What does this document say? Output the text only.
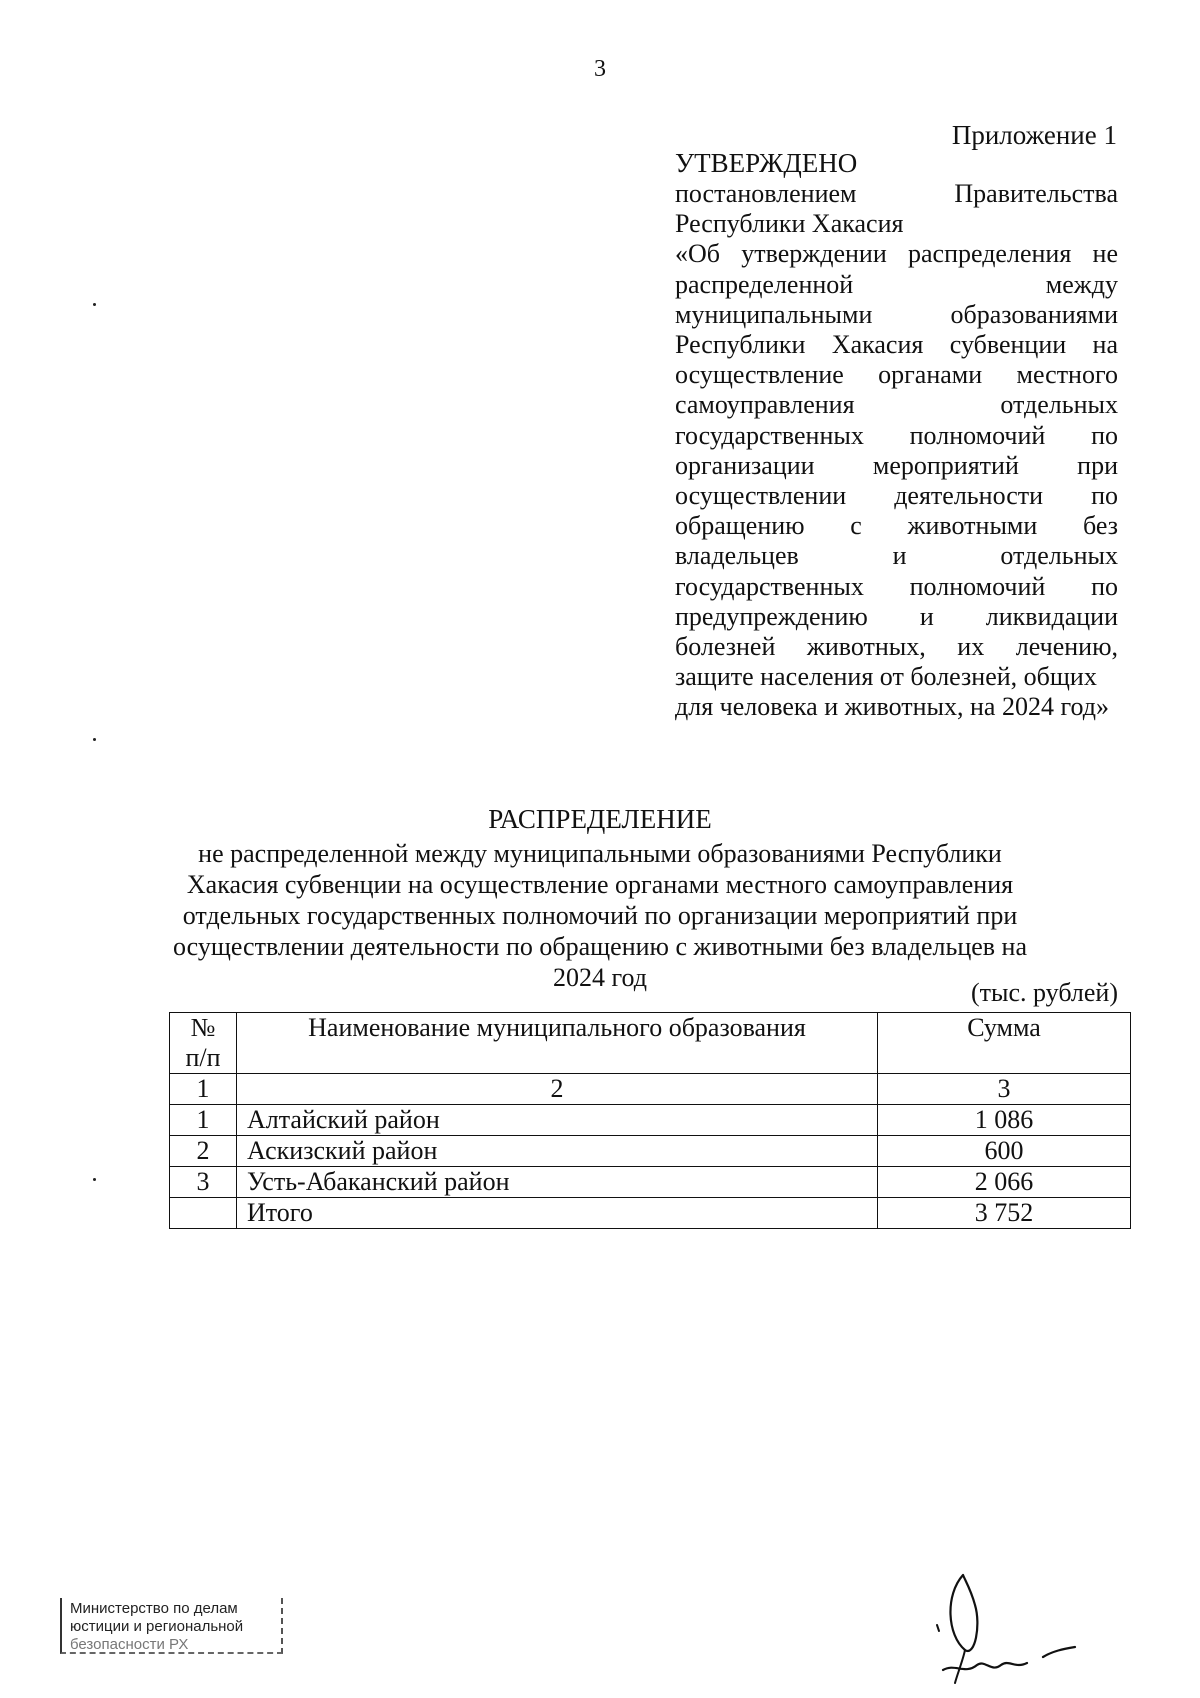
3
Приложение 1
УТВЕРЖДЕНО
постановлением	Правительства
Республики Хакасия
«Об утверждении распределения не распределенной между муниципальными образованиями Республики Хакасия субвенции на осуществление органами местного самоуправления отдельных государственных полномочий по организации мероприятий при осуществлении деятельности по обращению с животными без владельцев и отдельных государственных полномочий по предупреждению и ликвидации болезней животных, их лечению, защите населения от болезней, общих
для человека и животных, на 2024 год»
РАСПРЕДЕЛЕНИЕ
не распределенной между муниципальными образованиями Республики Хакасия субвенции на осуществление органами местного самоуправления отдельных государственных полномочий по организации мероприятий при осуществлении деятельности по обращению с животными без владельцев на 2024 год
(тыс. рублей)
№ п/п	Наименование муниципального образования	Сумма
1	2	3
1	Алтайский район	1 086
2	Аскизский район	600
3	Усть-Абаканский район	2 066
	Итого	3 752
Министерство по делам
юстиции и региональной
безопасности РХ
